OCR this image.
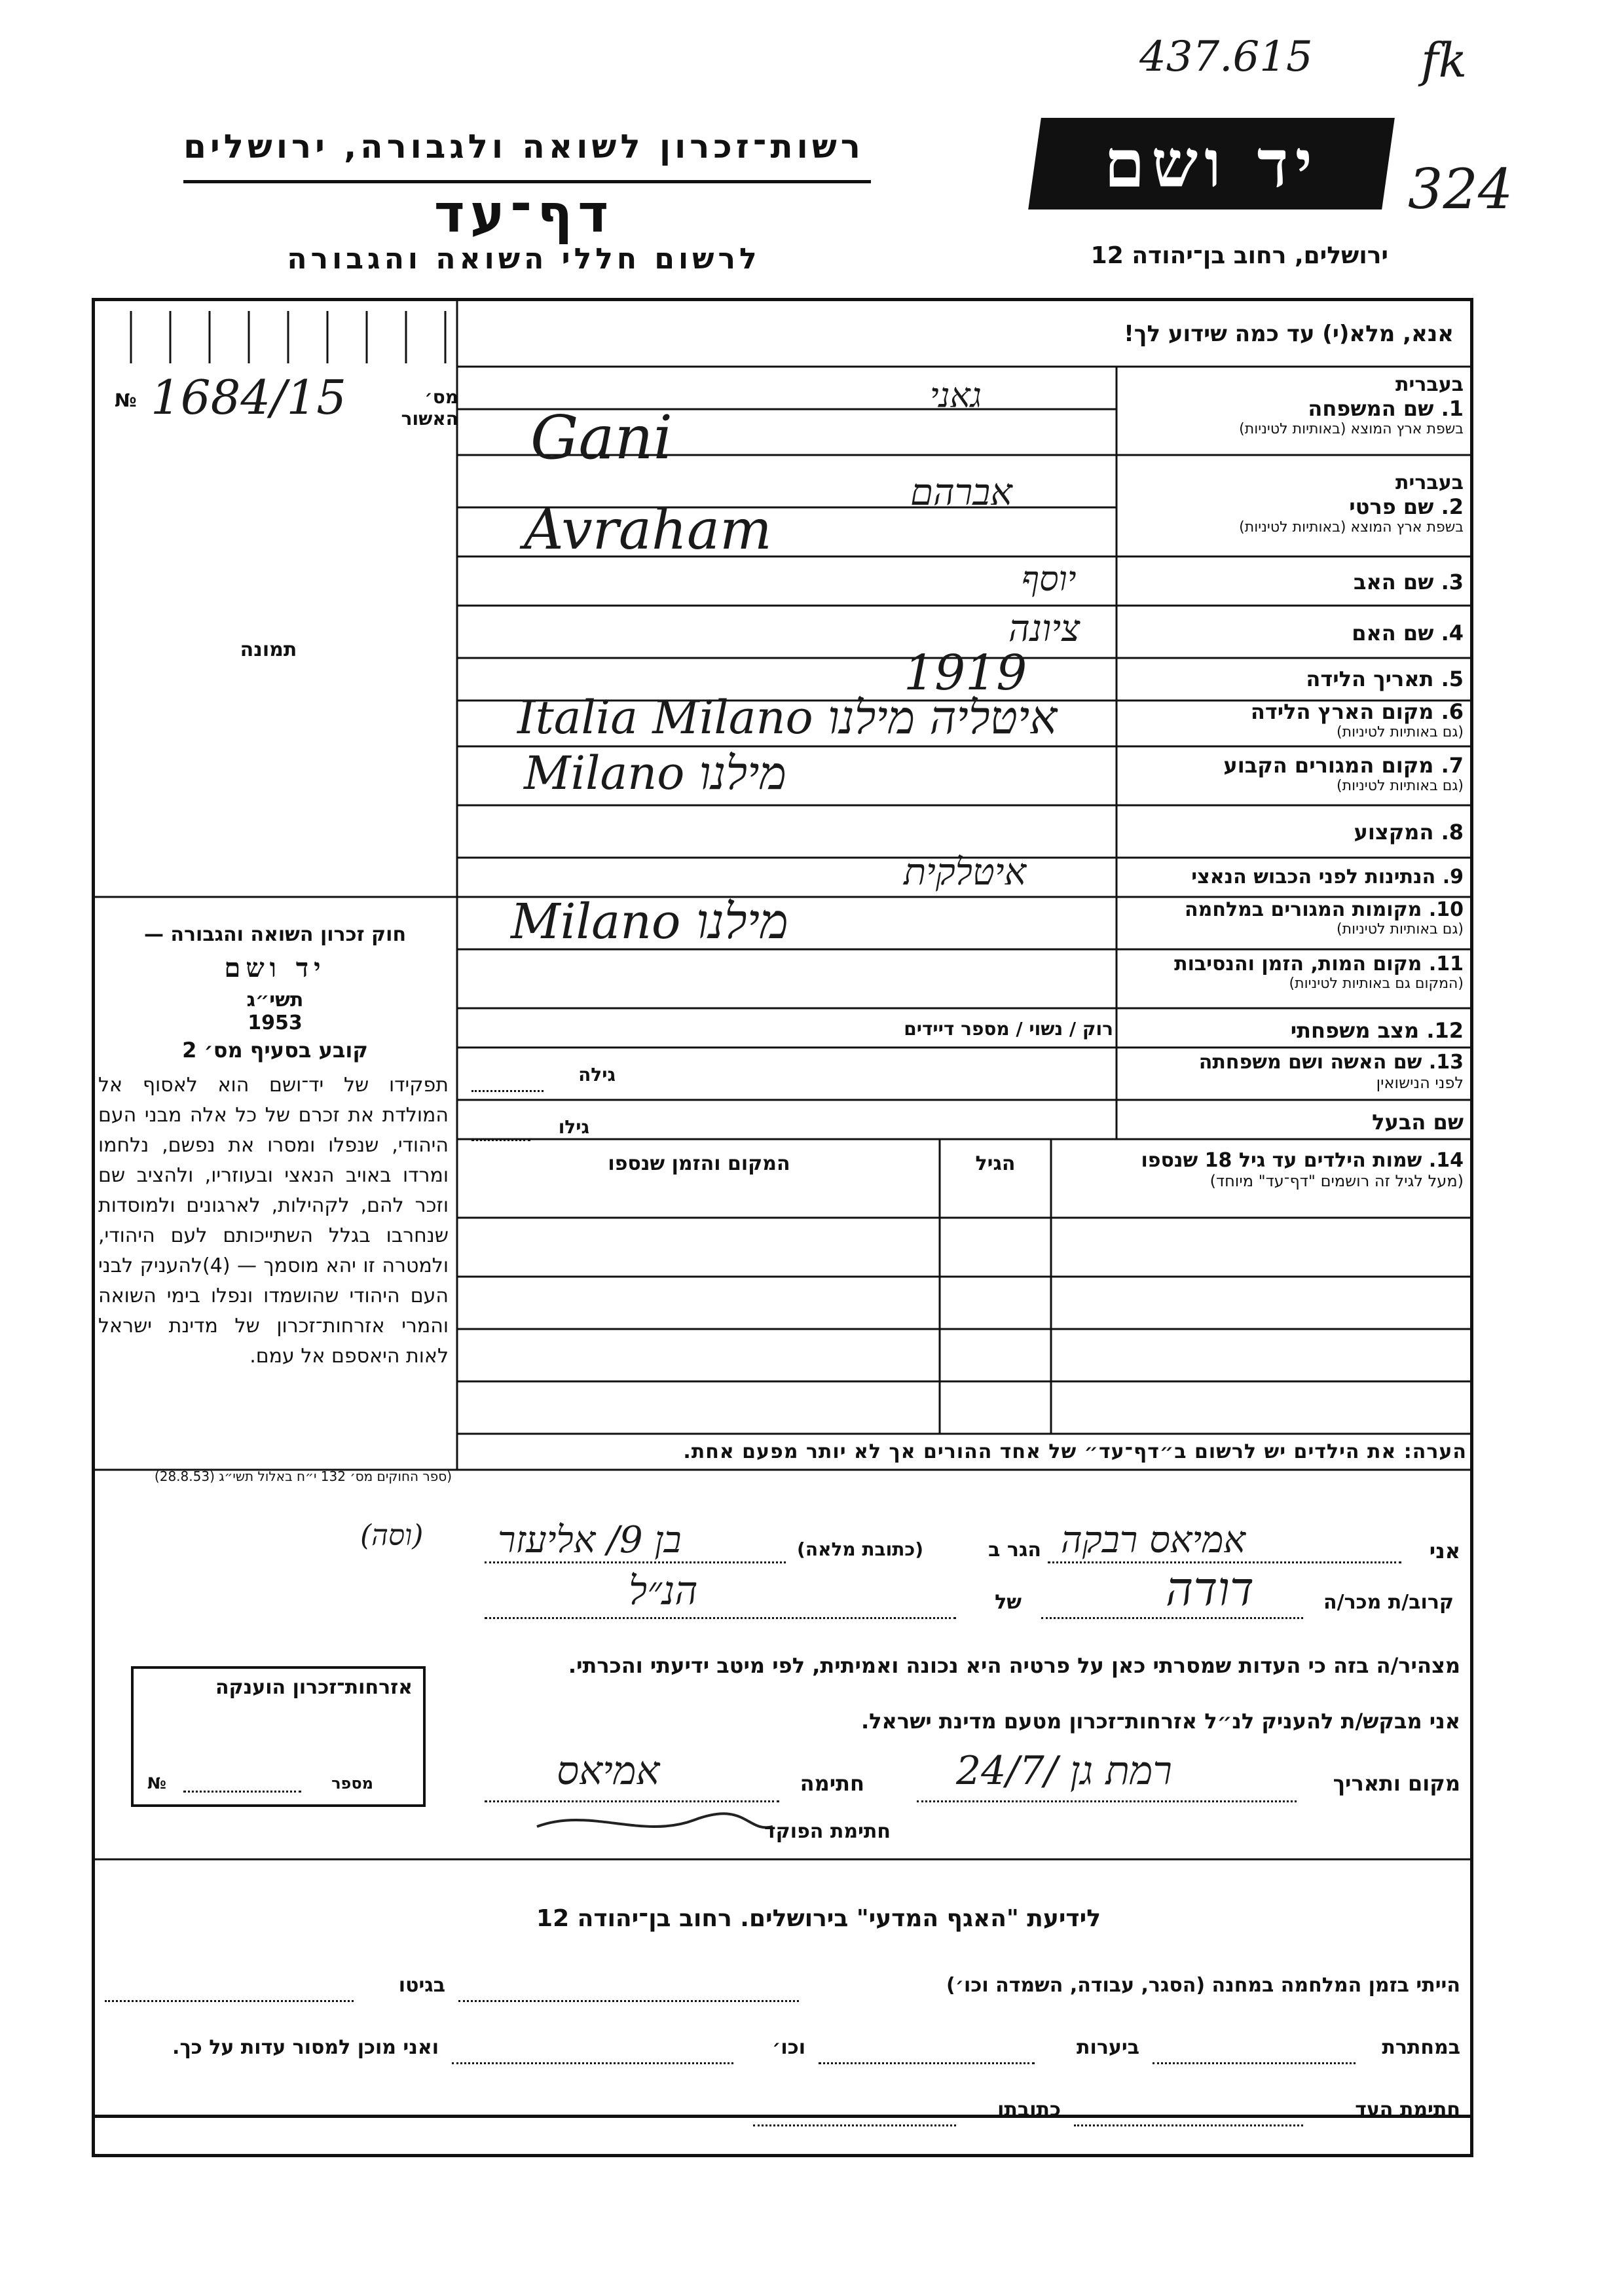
437.615 fk
324
רשות־זכרון לשואה ולגבורה, ירושלים
דף־עד
לרשום חללי השואה והגבורה
יד ושם
ירושלים, רחוב בן־יהודה 12
מס׳ האשור
1684/15
№
תמונה
אנא, מלא(י) עד כמה שידוע לך!
בעברית
1. שם המשפחה
בשפת ארץ המוצא (באותיות לטיניות)
בעברית
2. שם פרטי
בשפת ארץ המוצא (באותיות לטיניות)
3. שם האב
4. שם האם
5. תאריך הלידה
6. מקום הארץ הלידה
(גם באותיות לטיניות)
7. מקום המגורים הקבוע
(גם באותיות לטיניות)
8. המקצוע
9. הנתינות לפני הכבוש הנאצי
10. מקומות המגורים במלחמה
(גם באותיות לטיניות)
11. מקום המות, הזמן והנסיבות
(המקום גם באותיות לטיניות)
12. מצב משפחתי
13. שם האשה ושם משפחתה
לפני הנישואין
שם הבעל
גאני
Gani
אברהם
Avraham
יוסף
ציונה
1919
Italia Milano איטליה מילנו
Milano מילנו
איטלקית
Milano מילנו
רוק / נשוי / מספר דיידים
גילה
גילו
14. שמות הילדים עד גיל 18 שנספו
(מעל לגיל זה רושמים "דף־עד" מיוחד)
הגיל
המקום והזמן שנספו
הערה: את הילדים יש לרשום ב״דף־עד״ של אחד ההורים אך לא יותר מפעם אחת.
חוק זכרון השואה והגבורה —
יד ושם
תשי״ג
1953
קובע בסעיף מס׳ 2
תפקידו של יד־ושם הוא לאסוף אל המולדת את זכרם של כל אלה מבני העם היהודי, שנפלו ומסרו את נפשם, נלחמו ומרדו באויב הנאצי ובעוזריו, ולהציב שם וזכר להם, לקהילות, לארגונים ולמוסדות שנחרבו בגלל השתייכותם לעם היהודי, ולמטרה זו יהא מוסמך — (4)להעניק לבני העם היהודי שהושמדו ונפלו בימי השואה והמרי אזרחות־זכרון של מדינת ישראל לאות היאספם אל עמם.
(ספר החוקים מס׳ 132 י״ח באלול תשי״ג (28.8.53)
אני
אמיאס רבקה
הגר ב
(כתובת מלאה)
בן 9/ אליעזר
(וסה)
קרוב/ת מכר/ה
דודה
של
הנ״ל
מצהיר/ה בזה כי העדות שמסרתי כאן על פרטיה היא נכונה ואמיתית, לפי מיטב ידיעתי והכרתי.
אני מבקש/ת להעניק לנ״ל אזרחות־זכרון מטעם מדינת ישראל.
מקום ותאריך
24/7/ רמת גן
חתימה
אמיאס
חתימת הפוקד
אזרחות־זכרון הוענקה
מספר
№
לידיעת "האגף המדעי" בירושלים. רחוב בן־יהודה 12
הייתי בזמן המלחמה במחנה (הסגר, עבודה, השמדה וכו׳)
בגיטו
במחתרת
ביערות
וכו׳
ואני מוכן למסור עדות על כך.
חתימת העד
כתובתו
